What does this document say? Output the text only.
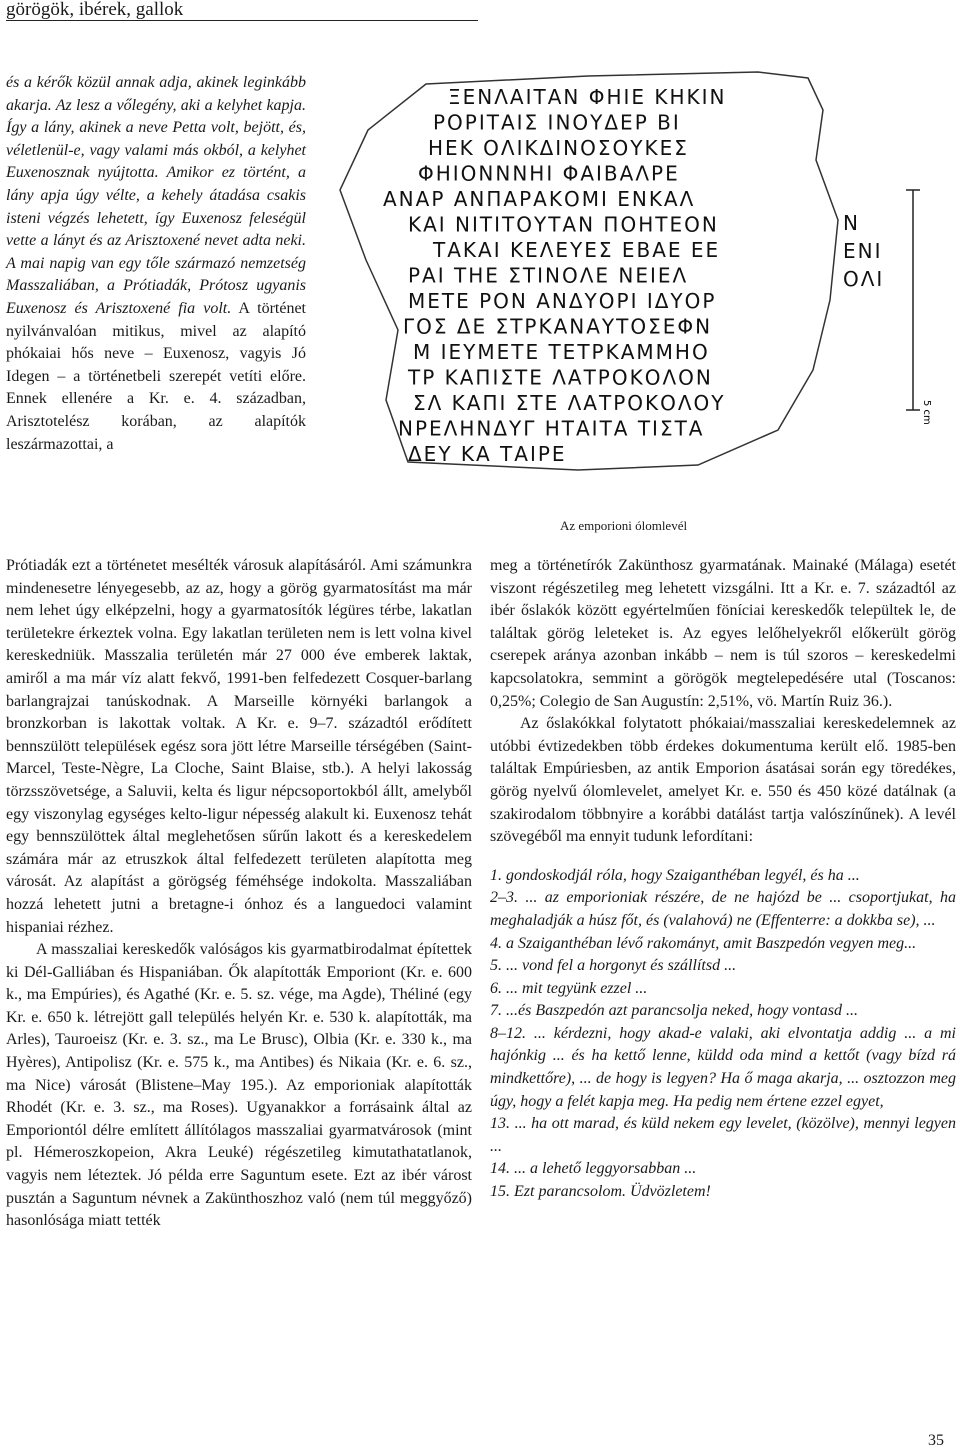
görögök, ibérek, gallok

és a kérők közül annak adja, akinek leginkább akarja. Az lesz a vőlegény, aki a kelyhet kapja. Így a lány, akinek a neve Petta volt, bejött, és, véletlenül-e, vagy valami más okból, a kelyhet Euxenosznak nyújtotta. Amikor ez történt, a lány apja úgy vélte, a kehely átadása csakis isteni végzés lehetett, így Euxenosz feleségül vette a lányt és az Arisztoxené nevet adta neki. A mai napig van egy tőle származó nemzetség Masszaliában, a Prótiadák, Prótosz ugyanis Euxenosz és Arisztoxené fia volt. A történet nyilvánvalóan mitikus, mivel az alapító phókaiai hős neve – Euxenosz, vagyis Jó Idegen – a történetbeli szerepét vetíti előre. Ennek ellenére a Kr. e. 4. században, Arisztotelész korában, az alapítók leszármazottai, a

ΞΕΝΛΑΙΤΑΝ ΦΗΙΕ ΚΗΚΙΝ
ΡΟΡΙΤΑΙΣ ΙΝΟΥΔΕΡ ΒΙ
ΗΕΚ ΟΛΙΚΔΙΝΟΣΟΥΚΕΣ
ΦΗΙΟΝΝΝΗΙ ΦΑΙΒΑΛΡΕ
ΑΝΑΡ ΑΝΠΑΡΑΚΟΜΙ ΕΝΚΑΛ
ΚΑΙ ΝΙΤΙΤΟΥΤΑΝ ΠΟΗΤΕΟΝ
ΤΑΚΑΙ ΚΕΛΕΥΕΣ ΕΒΑΕ ΕΕ
ΡΑΙ ΤΗΕ ΣΤΙΝΟΛΕ ΝΕΙΕΛ
ΜΕΤΕ ΡΟΝ ΑΝΔΥΟΡΙ ΙΔΥΟΡ
ΓΟΣ ΔΕ ΣΤΡΚΑΝΑΥΤΟΣΕΦΝ
Μ ΙΕΥΜΕΤΕ ΤΕΤΡΚΑΜΜΗΟ
ΤΡ ΚΑΠΙΣΤΕ ΛΑΤΡΟΚΟΛΟΝ
ΣΛ ΚΑΠΙ ΣΤΕ ΛΑΤΡΟΚΟΛΟΥ
ΝΡΕΛΗΝΔΥΓ ΗΤΑΙΤΑ ΤΙΣΤΑ
ΔΕΥ ΚΑ ΤΑΙΡΕ
Ν
ΕΝΙ
ΟΛΙ
5 cm
Az emporioni ólomlevél

Prótiadák ezt a történetet mesélték városuk alapításáról. Ami számunkra mindenesetre lényegesebb, az az, hogy a görög gyarmatosítást ma már nem lehet úgy elképzelni, hogy a gyarmatosítók légüres térbe, lakatlan területekre érkeztek volna. Egy lakatlan területen nem is lett volna kivel kereskedniük. Masszalia területén már 27 000 éve emberek laktak, amiről a ma már víz alatt fekvő, 1991-ben felfedezett Cosquer-barlang barlangrajzai tanúskodnak. A Marseille környéki barlangok a bronzkorban is lakottak voltak. A Kr. e. 9–7. századtól erődített bennszülött települések egész sora jött létre Marseille térségében (Saint-Marcel, Teste-Nègre, La Cloche, Saint Blaise, stb.). A helyi lakosság törzsszövetsége, a Saluvii, kelta és ligur népcsoportokból állt, amelyből egy viszonylag egységes kelto-ligur népesség alakult ki. Euxenosz tehát egy bennszülöttek által meglehetősen sűrűn lakott és a kereskedelem számára már az etruszkok által felfedezett területen alapította meg városát. Az alapítást a görögség féméhsége indokolta. Masszaliában hozzá lehetett jutni a bretagne-i ónhoz és a languedoci valamint hispaniai rézhez.

A masszaliai kereskedők valóságos kis gyarmatbirodalmat építettek ki Dél-Galliában és Hispaniában. Ők alapították Emporiont (Kr. e. 600 k., ma Empúries), és Agathé (Kr. e. 5. sz. vége, ma Agde), Théliné (egy Kr. e. 650 k. létrejött gall település helyén Kr. e. 530 k. alapították, ma Arles), Tauroeisz (Kr. e. 3. sz., ma Le Brusc), Olbia (Kr. e. 330 k., ma Hyères), Antipolisz (Kr. e. 575 k., ma Antibes) és Nikaia (Kr. e. 6. sz., ma Nice) városát (Blistene–May 195.). Az emporioniak alapították Rhodét (Kr. e. 3. sz., ma Roses). Ugyanakkor a forrásaink által az Emporiontól délre említett állítólagos masszaliai gyarmatvárosok (mint pl. Hémeroszkopeion, Akra Leuké) régészetileg kimutathatatlanok, vagyis nem léteztek. Jó példa erre Saguntum esete. Ezt az ibér várost pusztán a Saguntum névnek a Zakünthoszhoz való (nem túl meggyőző) hasonlósága miatt tették

meg a történetírók Zakünthosz gyarmatának. Mainaké (Málaga) esetét viszont régészetileg meg lehetett vizsgálni. Itt a Kr. e. 7. századtól az ibér őslakók között egyértelműen föníciai kereskedők települtek le, de találtak görög leleteket is. Az egyes lelőhelyekről előkerült görög cserepek aránya azonban inkább – nem is túl szoros – kereskedelmi kapcsolatokra, semmint a görögök megtelepedésére utal (Toscanos: 0,25%; Colegio de San Augustín: 2,51%, vö. Martín Ruiz 36.).

Az őslakókkal folytatott phókaiai/masszaliai kereskedelemnek az utóbbi évtizedekben több érdekes dokumentuma került elő. 1985-ben találtak Empúriesben, az antik Emporion ásatásai során egy töredékes, görög nyelvű ólomlevelet, amelyet Kr. e. 550 és 450 közé datálnak (a szakirodalom többnyire a korábbi datálást tartja valószínűnek). A levél szövegéből ma ennyit tudunk lefordítani:

1. gondoskodjál róla, hogy Szaiganthéban legyél, és ha ...

2–3. ... az emporioniak részére, de ne hajózd be ... csoportjukat, ha meghaladják a húsz főt, és (valahová) ne (Effenterre: a dokkba se), ...

4. a Szaiganthéban lévő rakományt, amit Baszpedón vegyen meg...

5. ... vond fel a horgonyt és szállítsd ...

6. ... mit tegyünk ezzel ...

7. ...és Baszpedón azt parancsolja neked, hogy vontasd ...

8–12. ... kérdezni, hogy akad-e valaki, aki elvontatja addig ... a mi hajónkig ... és ha kettő lenne, küldd oda mind a kettőt (vagy bízd rá mindkettőre), ... de hogy is legyen? Ha ő maga akarja, ... osztozzon meg úgy, hogy a felét kapja meg. Ha pedig nem értene ezzel egyet,

13. ... ha ott marad, és küld nekem egy levelet, (közölve), mennyi legyen ...

14. ... a lehető leggyorsabban ...

15. Ezt parancsolom. Üdvözletem!

35
